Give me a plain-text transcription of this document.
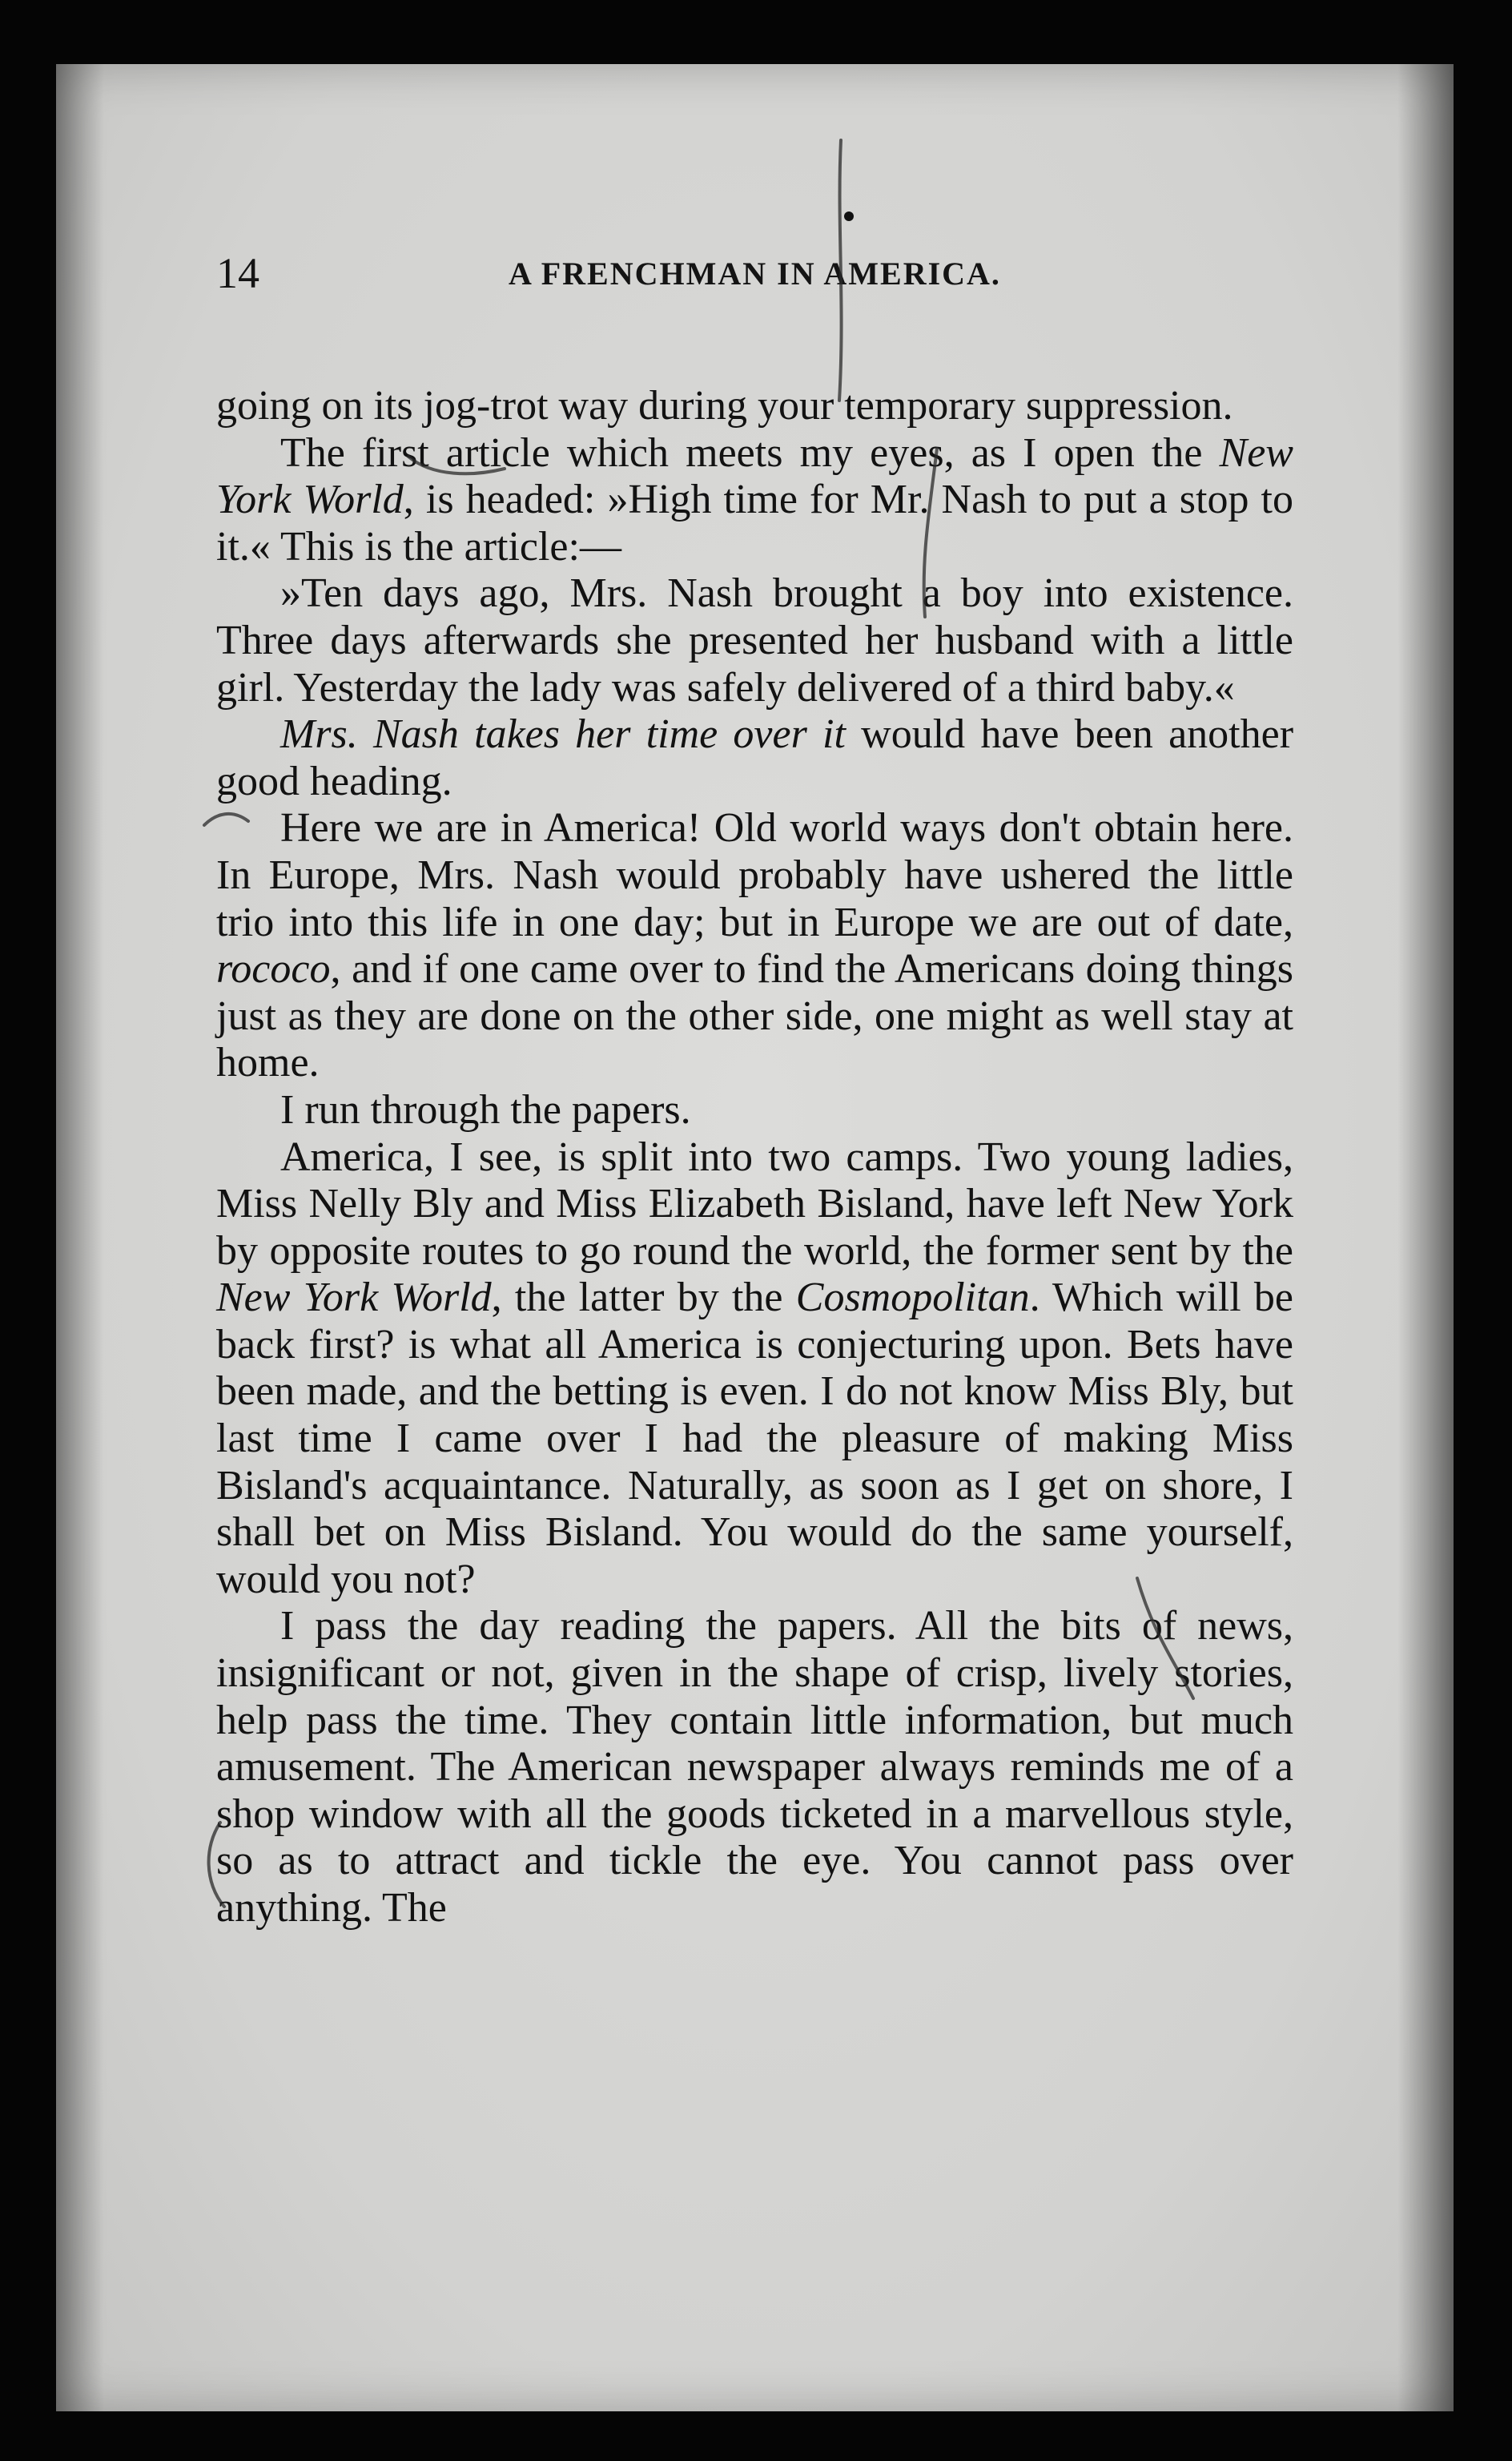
14	A FRENCHMAN IN AMERICA.

going on its jog-trot way during your temporary suppression.

The first article which meets my eyes, as I open the New York World, is headed: »High time for Mr. Nash to put a stop to it.« This is the article:—

»Ten days ago, Mrs. Nash brought a boy into existence. Three days afterwards she presented her husband with a little girl. Yesterday the lady was safely delivered of a third baby.«

Mrs. Nash takes her time over it would have been another good heading.

Here we are in America! Old world ways don't obtain here. In Europe, Mrs. Nash would probably have ushered the little trio into this life in one day; but in Europe we are out of date, rococo, and if one came over to find the Americans doing things just as they are done on the other side, one might as well stay at home.

I run through the papers.

America, I see, is split into two camps. Two young ladies, Miss Nelly Bly and Miss Elizabeth Bisland, have left New York by opposite routes to go round the world, the former sent by the New York World, the latter by the Cosmopolitan. Which will be back first? is what all America is conjecturing upon. Bets have been made, and the betting is even. I do not know Miss Bly, but last time I came over I had the pleasure of making Miss Bisland's acquaintance. Naturally, as soon as I get on shore, I shall bet on Miss Bisland. You would do the same yourself, would you not?

I pass the day reading the papers. All the bits of news, insignificant or not, given in the shape of crisp, lively stories, help pass the time. They contain little information, but much amusement. The American newspaper always reminds me of a shop window with all the goods ticketed in a marvellous style, so as to attract and tickle the eye. You cannot pass over anything. The
